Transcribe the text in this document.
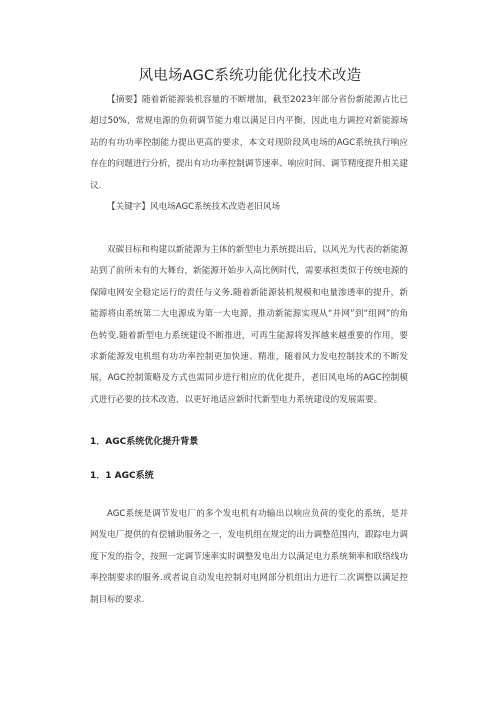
风电场AGC系统功能优化技术改造
【摘要】随着新能源装机容量的不断增加，截至2023年部分省份新能源占比已超过50%，常规电源的负荷调节能力难以满足日内平衡，因此电力调控对新能源场站的有功功率控制能力提出更高的要求，本文对现阶段风电场的AGC系统执行响应存在的问题进行分析，提出有功功率控制调节速率、响应时间、调节精度提升相关建议.
【关键字】风电场AGC系统技术改造老旧风场
双碳目标和构建以新能源为主体的新型电力系统提出后，以风光为代表的新能源站到了前所未有的大舞台，新能源开始步入高比例时代，需要承担类似于传统电源的保障电网安全稳定运行的责任与义务.随着新能源装机规模和电量渗透率的提升，新能源将由系统第二大电源成为第一大电源，推动新能源实现从“并网”到“组网”的角色转变.随着新型电力系统建设不断推进，可再生能源将发挥越来越重要的作用，要求新能源发电机组有功功率控制更加快速、精准，随着风力发电控制技术的不断发展，AGC控制策略及方式也需同步进行相应的优化提升，老旧风电场的AGC控制模式进行必要的技术改造，以更好地适应新时代新型电力系统建设的发展需要。
1．AGC系统优化提升背景
1．1 AGC系统
AGC系统是调节发电厂的多个发电机有功输出以响应负荷的变化的系统，是并网发电厂提供的有偿辅助服务之一，发电机组在规定的出力调整范围内，跟踪电力调度下发的指令，按照一定调节速率实时调整发电出力以满足电力系统频率和联络线功率控制要求的服务.或者说自动发电控制对电网部分机组出力进行二次调整以满足控制目标的要求.
